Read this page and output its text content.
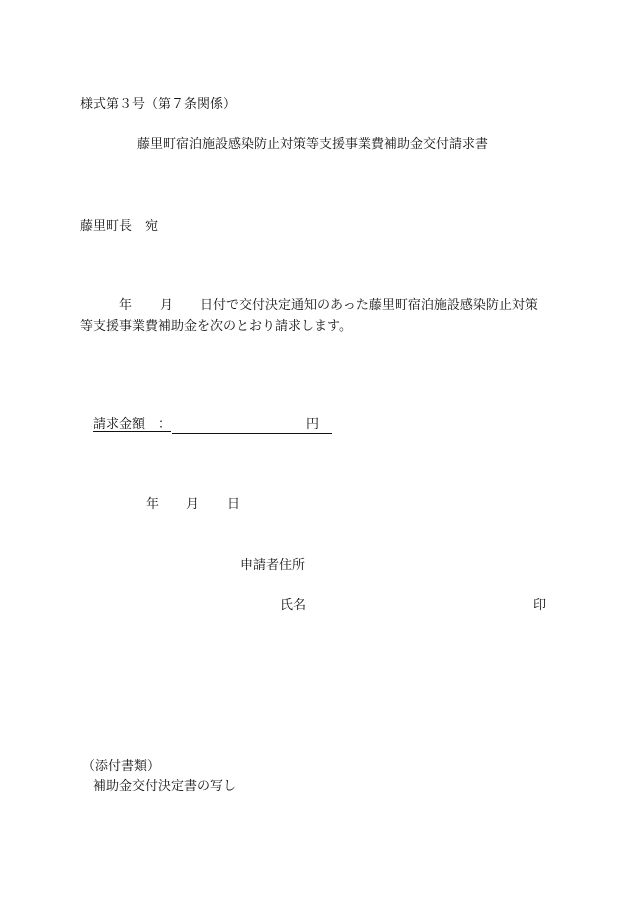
様式第３号（第７条関係）
藤里町宿泊施設感染防止対策等支援事業費補助金交付請求書
藤里町長　宛
年 月 日付で交付決定通知のあった藤里町宿泊施設感染防止対策
等支援事業費補助金を次のとおり請求します。
請求金額　：	円
年 月 日
申請者住所
氏名	印
（添付書類）
補助金交付決定書の写し
